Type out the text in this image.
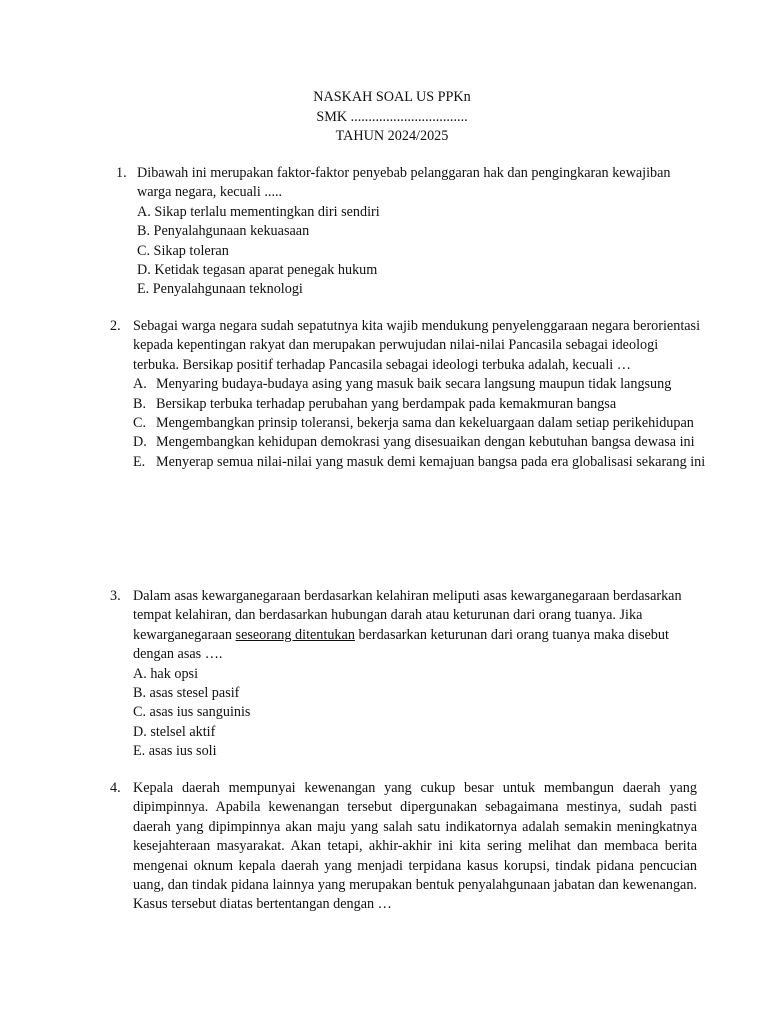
NASKAH SOAL US PPKn
SMK .................................
TAHUN 2024/2025
1. Dibawah ini merupakan faktor-faktor penyebab pelanggaran hak dan pengingkaran kewajiban warga negara, kecuali .....

A. Sikap terlalu mementingkan diri sendiri

B. Penyalahgunaan kekuasaan

C. Sikap toleran

D. Ketidak tegasan aparat penegak hukum

E. Penyalahgunaan teknologi

2. Sebagai warga negara sudah sepatutnya kita wajib mendukung penyelenggaraan negara berorientasi kepada kepentingan rakyat dan merupakan perwujudan nilai-nilai Pancasila sebagai ideologi terbuka. Bersikap positif terhadap Pancasila sebagai ideologi terbuka adalah, kecuali …

A. Menyaring budaya-budaya asing yang masuk baik secara langsung maupun tidak langsung
B. Bersikap terbuka terhadap perubahan yang berdampak pada kemakmuran bangsa
C. Mengembangkan prinsip toleransi, bekerja sama dan kekeluargaan dalam setiap perikehidupan
D. Mengembangkan kehidupan demokrasi yang disesuaikan dengan kebutuhan bangsa dewasa ini
E. Menyerap semua nilai-nilai yang masuk demi kemajuan bangsa pada era globalisasi sekarang ini
3. Dalam asas kewarganegaraan berdasarkan kelahiran meliputi asas kewarganegaraan berdasarkan tempat kelahiran, dan berdasarkan hubungan darah atau keturunan dari orang tuanya. Jika kewarganegaraan seseorang ditentukan berdasarkan keturunan dari orang tuanya maka disebut dengan asas ….

A. hak opsi

B. asas stesel pasif

C. asas ius sanguinis

D. stelsel aktif

E. asas ius soli

4. Kepala daerah mempunyai kewenangan yang cukup besar untuk membangun daerah yang dipimpinnya. Apabila kewenangan tersebut dipergunakan sebagaimana mestinya, sudah pasti daerah yang dipimpinnya akan maju yang salah satu indikatornya adalah semakin meningkatnya kesejahteraan masyarakat. Akan tetapi, akhir-akhir ini kita sering melihat dan membaca berita mengenai oknum kepala daerah yang menjadi terpidana kasus korupsi, tindak pidana pencucian uang, dan tindak pidana lainnya yang merupakan bentuk penyalahgunaan jabatan dan kewenangan. Kasus tersebut diatas bertentangan dengan …
